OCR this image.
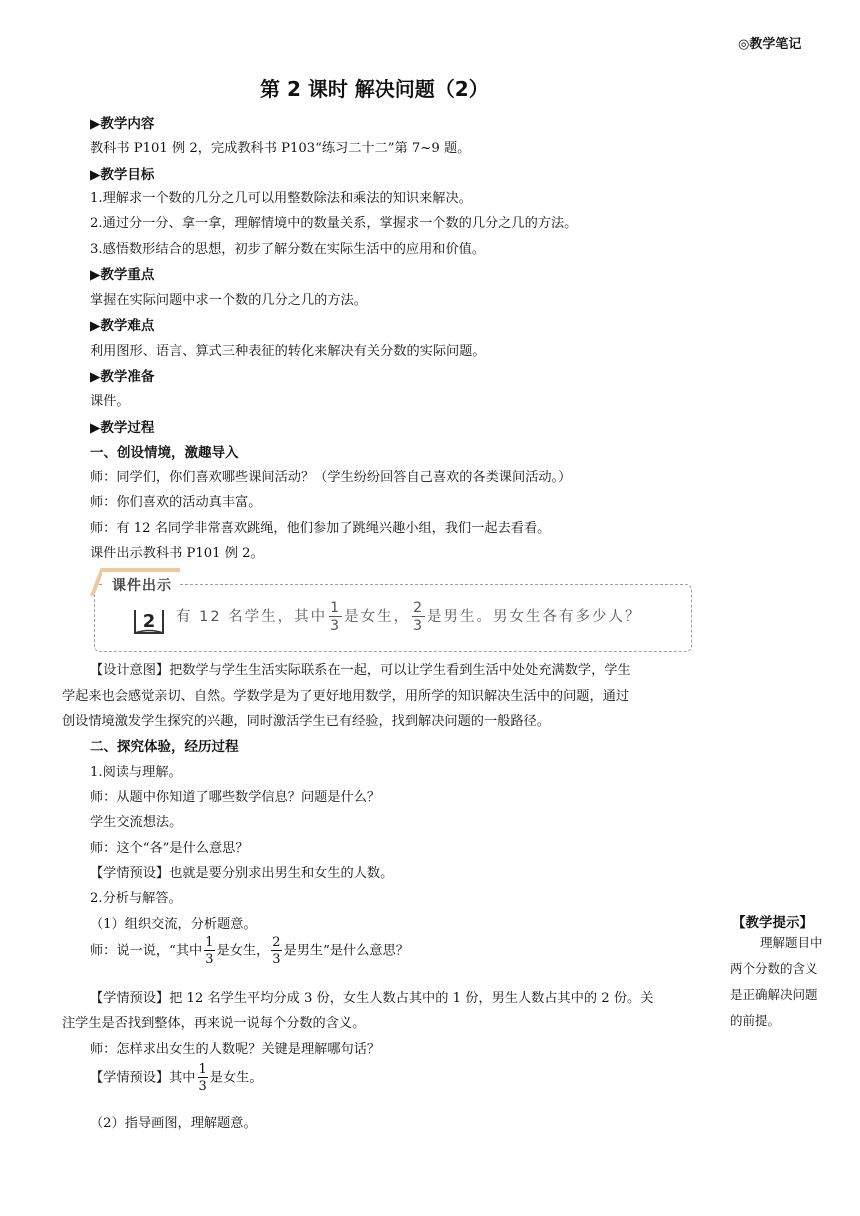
◎教学笔记
第 2 课时 解决问题（2）
▶教学内容
教科书 P101 例 2，完成教科书 P103“练习二十二”第 7~9 题。
▶教学目标
1.理解求一个数的几分之几可以用整数除法和乘法的知识来解决。
2.通过分一分、拿一拿，理解情境中的数量关系，掌握求一个数的几分之几的方法。
3.感悟数形结合的思想，初步了解分数在实际生活中的应用和价值。
▶教学重点
掌握在实际问题中求一个数的几分之几的方法。
▶教学难点
利用图形、语言、算式三种表征的转化来解决有关分数的实际问题。
▶教学准备
课件。
▶教学过程
一、创设情境，激趣导入
师：同学们，你们喜欢哪些课间活动？（学生纷纷回答自己喜欢的各类课间活动。）
师：你们喜欢的活动真丰富。
师：有 12 名同学非常喜欢跳绳，他们参加了跳绳兴趣小组，我们一起去看看。
课件出示教科书 P101 例 2。
课件出示
2 有 12 名学生，其中 $\frac{1}{3}$ 是女生， $\frac{2}{3}$ 是男生。男女生各有多少人？
【设计意图】把数学与学生生活实际联系在一起，可以让学生看到生活中处处充满数学，学生
学起来也会感觉亲切、自然。学数学是为了更好地用数学，用所学的知识解决生活中的问题，通过
创设情境激发学生探究的兴趣，同时激活学生已有经验，找到解决问题的一般路径。
二、探究体验，经历过程
1.阅读与理解。
师：从题中你知道了哪些数学信息？问题是什么？
学生交流想法。
师：这个“各”是什么意思？
【学情预设】也就是要分别求出男生和女生的人数。
2.分析与解答。
（1）组织交流，分析题意。
师：说一说，“其中 $\frac{1}{3}$ 是女生， $\frac{2}{3}$ 是男生”是什么意思？
【学情预设】把 12 名学生平均分成 3 份，女生人数占其中的 1 份，男生人数占其中的 2 份。关
注学生是否找到整体，再来说一说每个分数的含义。
师：怎样求出女生的人数呢？关键是理解哪句话？
【学情预设】其中 $\frac{1}{3}$ 是女生。
（2）指导画图，理解题意。
【教学提示】
理解题目中
两个分数的含义
是正确解决问题
的前提。
